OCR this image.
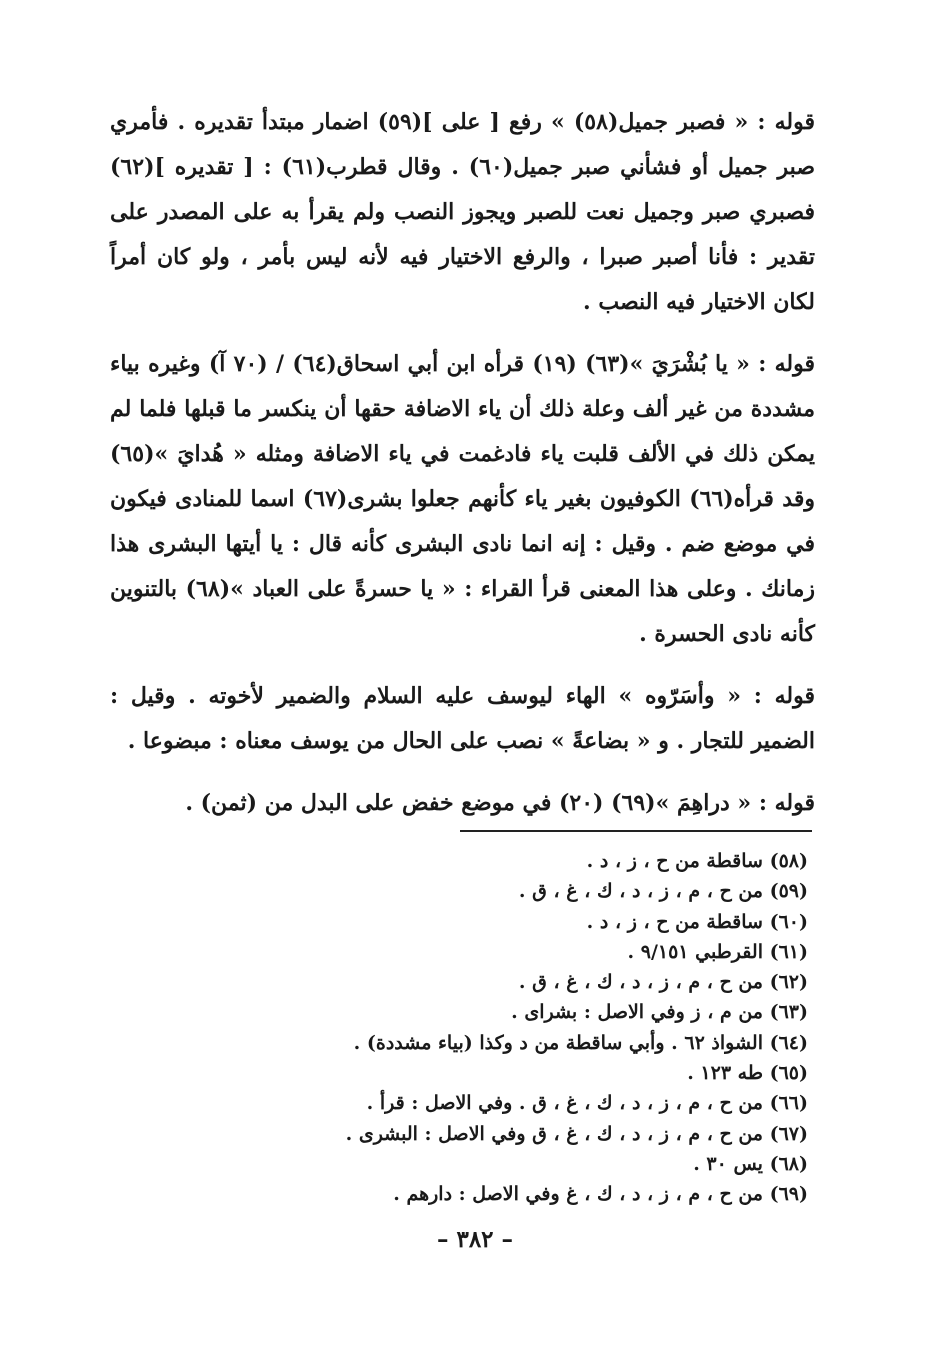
قوله : « فصبر جميل(٥٨) » رفع [ على ](٥٩) اضمار مبتدأ تقديره . فأمري صبر جميل أو فشأني صبر جميل(٦٠) . وقال قطرب(٦١) : [ تقديره ](٦٢) فصبري صبر وجميل نعت للصبر ويجوز النصب ولم يقرأ به على المصدر على تقدير : فأنا أصبر صبرا ، والرفع الاختيار فيه لأنه ليس بأمر ، ولو كان أمراً لكان الاختيار فيه النصب .

قوله : « يا بُشْرَيَ »(٦٣) (١٩) قرأه ابن أبي اسحاق(٦٤) / (٧٠ آ) وغيره بياء مشددة من غير ألف وعلة ذلك أن ياء الاضافة حقها أن ينكسر ما قبلها فلما لم يمكن ذلك في الألف قلبت ياء فادغمت في ياء الاضافة ومثله « هُدايَ »(٦٥) وقد قرأه(٦٦) الكوفيون بغير ياء كأنهم جعلوا بشرى(٦٧) اسما للمنادى فيكون في موضع ضم . وقيل : إنه انما نادى البشرى كأنه قال : يا أيتها البشرى هذا زمانك . وعلى هذا المعنى قرأ القراء : « يا حسرةً على العباد »(٦٨) بالتنوين كأنه نادى الحسرة .

قوله : « وأسَرّوه » الهاء ليوسف عليه السلام والضمير لأخوته . وقيل : الضمير للتجار . و « بضاعةً » نصب على الحال من يوسف معناه : مبضوعا .

قوله : « دراهِمَ »(٦٩) (٢٠) في موضع خفض على البدل من (ثمن) .

(٥٨) ساقطة من ح ، ز ، د .
(٥٩) من ح ، م ، ز ، د ، ك ، غ ، ق .
(٦٠) ساقطة من ح ، ز ، د .
(٦١) القرطبي ٩/١٥١ .
(٦٢) من ح ، م ، ز ، د ، ك ، غ ، ق .
(٦٣) من م ، ز وفي الاصل : بشراى .
(٦٤) الشواذ ٦٢ . وأبي ساقطة من د وكذا (بياء مشددة) .
(٦٥) طه ١٢٣ .
(٦٦) من ح ، م ، ز ، د ، ك ، غ ، ق . وفي الاصل : قرأ .
(٦٧) من ح ، م ، ز ، د ، ك ، غ ، ق وفي الاصل : البشرى .
(٦٨) يس ٣٠ .
(٦٩) من ح ، م ، ز ، د ، ك ، غ وفي الاصل : دارهم .
– ٣٨٢ –
